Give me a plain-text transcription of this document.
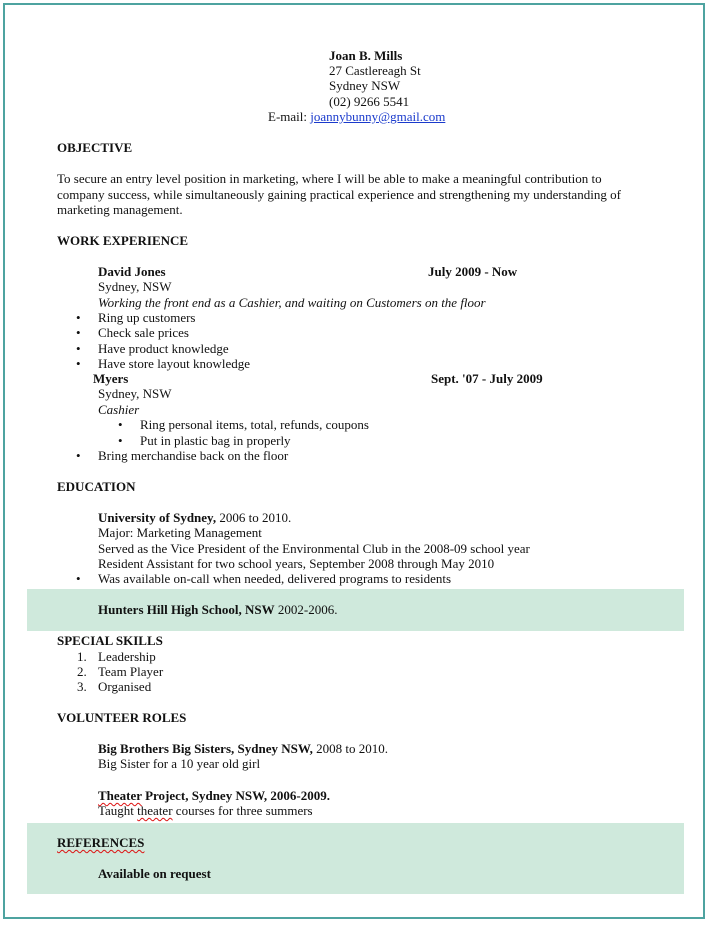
Joan B. Mills
27 Castlereagh St
Sydney NSW
(02) 9266 5541
E-mail: joannybunny@gmail.com
OBJECTIVE
To secure an entry level position in marketing, where I will be able to make a meaningful contribution to
company success, while simultaneously gaining practical experience and strengthening my understanding of
marketing management.
WORK EXPERIENCE
David Jones	July 2009 - Now
Sydney, NSW
Working the front end as a Cashier, and waiting on Customers on the floor
• Ring up customers
• Check sale prices
• Have product knowledge
• Have store layout knowledge
Myers	Sept. '07 - July 2009
Sydney, NSW
Cashier
• Ring personal items, total, refunds, coupons
• Put in plastic bag in properly
• Bring merchandise back on the floor
EDUCATION
University of Sydney, 2006 to 2010.
Major: Marketing Management
Served as the Vice President of the Environmental Club in the 2008-09 school year
Resident Assistant for two school years, September 2008 through May 2010
• Was available on-call when needed, delivered programs to residents
Hunters Hill High School, NSW 2002-2006.
SPECIAL SKILLS
1. Leadership
2. Team Player
3. Organised
VOLUNTEER ROLES
Big Brothers Big Sisters, Sydney NSW, 2008 to 2010.
Big Sister for a 10 year old girl
Theater Project, Sydney NSW, 2006-2009.
Taught theater courses for three summers
REFERENCES
Available on request
